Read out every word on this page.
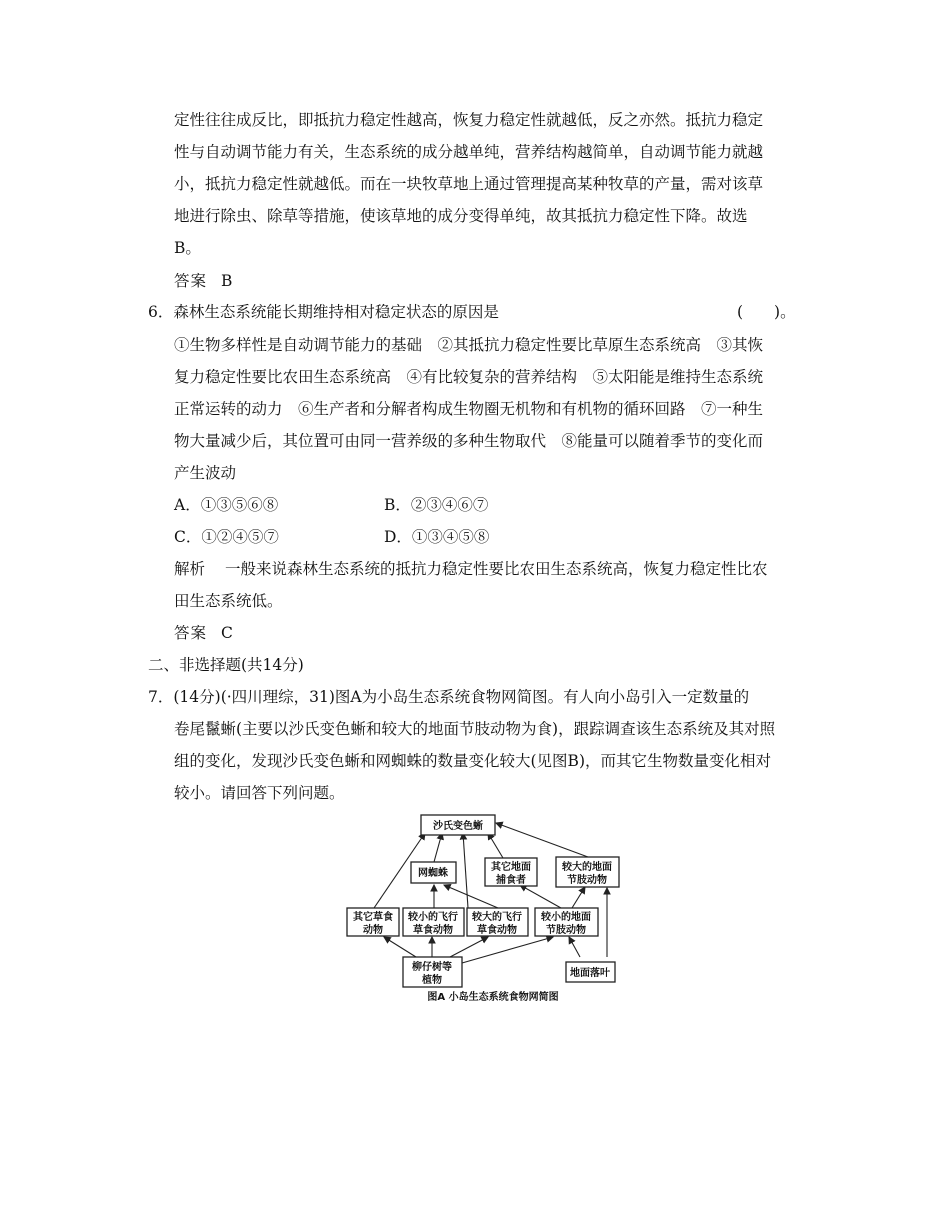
定性往往成反比，即抵抗力稳定性越高，恢复力稳定性就越低，反之亦然。抵抗力稳定
性与自动调节能力有关，生态系统的成分越单纯，营养结构越简单，自动调节能力就越
小，抵抗力稳定性就越低。而在一块牧草地上通过管理提高某种牧草的产量，需对该草
地进行除虫、除草等措施，使该草地的成分变得单纯，故其抵抗力稳定性下降。故选
B。
答案 B
6．森林生态系统能长期维持相对稳定状态的原因是	(　　)。
①生物多样性是自动调节能力的基础　②其抵抗力稳定性要比草原生态系统高　③其恢
复力稳定性要比农田生态系统高　④有比较复杂的营养结构　⑤太阳能是维持生态系统
正常运转的动力　⑥生产者和分解者构成生物圈无机物和有机物的循环回路　⑦一种生
物大量减少后，其位置可由同一营养级的多种生物取代　⑧能量可以随着季节的变化而
产生波动
A．①③⑤⑥⑧	B．②③④⑥⑦
C．①②④⑤⑦	D．①③④⑤⑧
解析 一般来说森林生态系统的抵抗力稳定性要比农田生态系统高，恢复力稳定性比农
田生态系统低。
答案 C
二、非选择题(共14分)
7．(14分)(·四川理综，31)图A为小岛生态系统食物网简图。有人向小岛引入一定数量的
卷尾鬣蜥(主要以沙氏变色蜥和较大的地面节肢动物为食)，跟踪调查该生态系统及其对照
组的变化，发现沙氏变色蜥和网蜘蛛的数量变化较大(见图B)，而其它生物数量变化相对
较小。请回答下列问题。
沙氏变色蜥
网蜘蛛
其它地面
捕食者
较大的地面
节肢动物
其它草食
动物
较小的飞行
草食动物
较大的飞行
草食动物
较小的地面
节肢动物
柳仔树等
植物
地面落叶
图A 小岛生态系统食物网简图
